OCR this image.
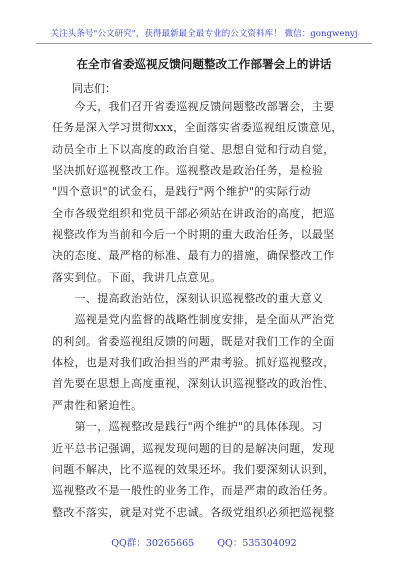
关注头条号"公文研究"，获得最新最全最专业的公文资料库！ 微信：gongwenyj
在全市省委巡视反馈问题整改工作部署会上的讲话
同志们：
　　今天，我们召开省委巡视反馈问题整改部署会，主要
任务是深入学习贯彻xxx，全面落实省委巡视组反馈意见，
动员全市上下以高度的政治自觉、思想自觉和行动自觉，
坚决抓好巡视整改工作。巡视整改是政治任务，是检验
"四个意识"的试金石，是践行"两个维护"的实际行动
全市各级党组织和党员干部必须站在讲政治的高度，把巡
视整改作为当前和今后一个时期的重大政治任务，以最坚
决的态度、最严格的标准、最有力的措施，确保整改工作
落实到位。下面，我讲几点意见。
　　一、提高政治站位，深刻认识巡视整改的重大意义
　　巡视是党内监督的战略性制度安排，是全面从严治党
的利剑。省委巡视组反馈的问题，既是对我们工作的全面
体检，也是对我们政治担当的严肃考验。抓好巡视整改，
首先要在思想上高度重视，深刻认识巡视整改的政治性、
严肃性和紧迫性。
　　第一，巡视整改是践行"两个维护"的具体体现。习
近平总书记强调，巡视发现问题的目的是解决问题，发现
问题不解决，比不巡视的效果还坏。我们要深刻认识到，
巡视整改不是一般性的业务工作，而是严肃的政治任务。
整改不落实，就是对党不忠诚。各级党组织必须把巡视整
QQ群：30265665 QQ：535304092
